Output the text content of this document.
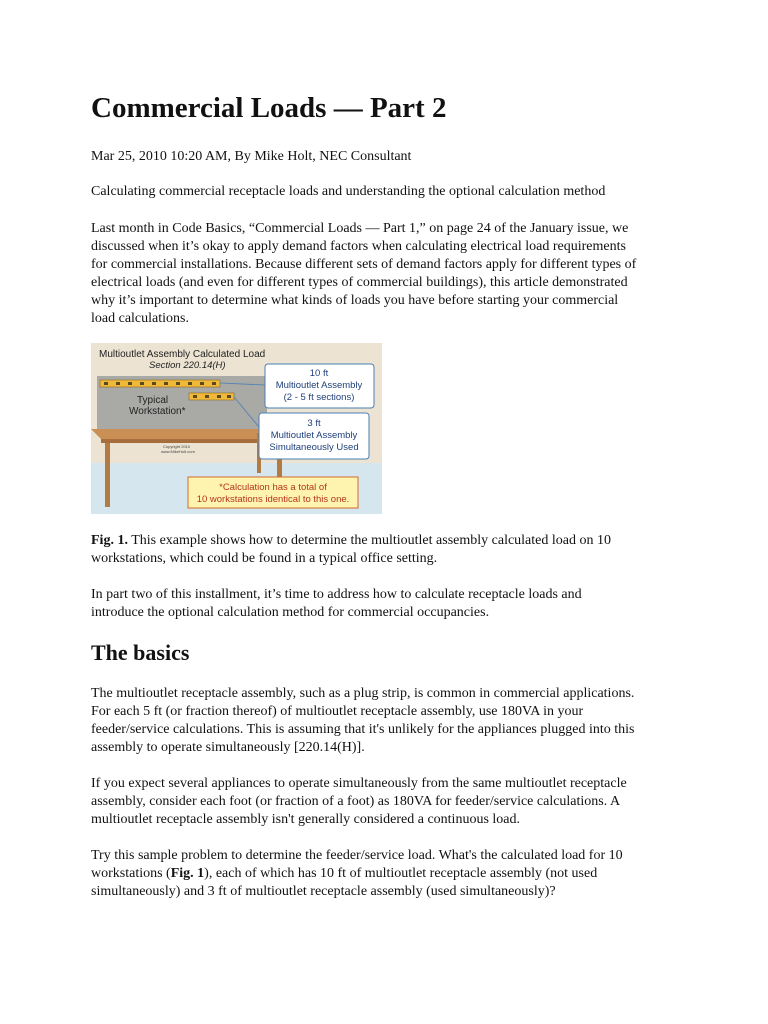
Commercial Loads — Part 2
Mar 25, 2010 10:20 AM, By Mike Holt, NEC Consultant
Calculating commercial receptacle loads and understanding the optional calculation method
Last month in Code Basics, “Commercial Loads — Part 1,” on page 24 of the January issue, we
discussed when it’s okay to apply demand factors when calculating electrical load requirements
for commercial installations. Because different sets of demand factors apply for different types of
electrical loads (and even for different types of commercial buildings), this article demonstrated
why it’s important to determine what kinds of loads you have before starting your commercial
load calculations.
Multioutlet Assembly Calculated Load
Section 220.14(H)
Typical
Workstation*
Copyright 2010
www.MikeHolt.com
10 ft
Multioutlet Assembly
(2 - 5 ft sections)
3 ft
Multioutlet Assembly
Simultaneously Used
*Calculation has a total of
10 workstations identical to this one.
Fig. 1. This example shows how to determine the multioutlet assembly calculated load on 10
workstations, which could be found in a typical office setting.
In part two of this installment, it’s time to address how to calculate receptacle loads and
introduce the optional calculation method for commercial occupancies.
The basics
The multioutlet receptacle assembly, such as a plug strip, is common in commercial applications.
For each 5 ft (or fraction thereof) of multioutlet receptacle assembly, use 180VA in your
feeder/service calculations. This is assuming that it's unlikely for the appliances plugged into this
assembly to operate simultaneously [220.14(H)].
If you expect several appliances to operate simultaneously from the same multioutlet receptacle
assembly, consider each foot (or fraction of a foot) as 180VA for feeder/service calculations. A
multioutlet receptacle assembly isn't generally considered a continuous load.
Try this sample problem to determine the feeder/service load. What's the calculated load for 10
workstations (Fig. 1), each of which has 10 ft of multioutlet receptacle assembly (not used
simultaneously) and 3 ft of multioutlet receptacle assembly (used simultaneously)?
